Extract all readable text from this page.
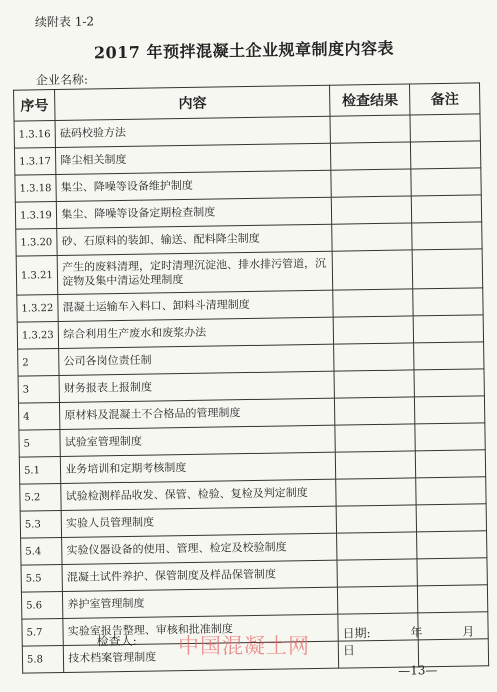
续附表 1-2
2017 年预拌混凝土企业规章制度内容表
企业名称:
序号	内容	检查结果	备注
1.3.16	砝码校验方法		
1.3.17	降尘相关制度		
1.3.18	集尘、降噪等设备维护制度		
1.3.19	集尘、降噪等设备定期检查制度		
1.3.20	砂、石原料的装卸、输送、配料降尘制度		
1.3.21	产生的废料清理，定时清理沉淀池、排水排污管道，沉淀物及集中清运处理制度		
1.3.22	混凝土运输车入料口、卸料斗清理制度		
1.3.23	综合利用生产废水和废浆办法		
2	公司各岗位责任制		
3	财务报表上报制度		
4	原材料及混凝土不合格品的管理制度		
5	试验室管理制度		
5.1	业务培训和定期考核制度		
5.2	试验检测样品收发、保管、检验、复检及判定制度		
5.3	实验人员管理制度		
5.4	实验仪器设备的使用、管理、检定及校验制度		
5.5	混凝土试件养护、保管制度及样品保管制度		
5.6	养护室管理制度		
5.7	实验室报告整理、审核和批准制度		
5.8	技术档案管理制度		
检查人:
日期:	年	月 日
—13—
中国混凝土网
